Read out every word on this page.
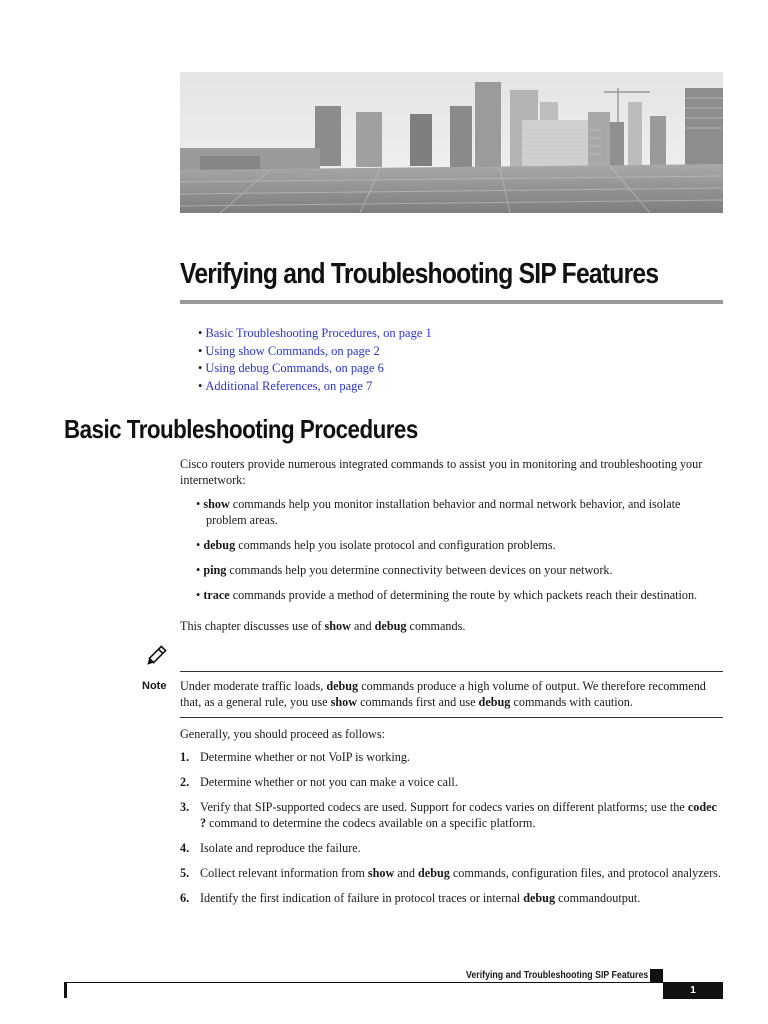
Verifying and Troubleshooting SIP Features
• Basic Troubleshooting Procedures, on page 1
• Using show Commands, on page 2
• Using debug Commands, on page 6
• Additional References, on page 7
Basic Troubleshooting Procedures

Cisco routers provide numerous integrated commands to assist you in monitoring and troubleshooting your internetwork:

• show commands help you monitor installation behavior and normal network behavior, and isolate
problem areas.

• debug commands help you isolate protocol and configuration problems.

• ping commands help you determine connectivity between devices on your network.

• trace commands provide a method of determining the route by which packets reach their destination.

This chapter discusses use of show and debug commands.

Note Under moderate traffic loads, debug commands produce a high volume of output. We therefore recommend that, as a general rule, you use show commands first and use debug commands with caution.

Generally, you should proceed as follows:

1. Determine whether or not VoIP is working.
2. Determine whether or not you can make a voice call.
3. Verify that SIP-supported codecs are used. Support for codecs varies on different platforms; use the codec ? command to determine the codecs available on a specific platform.
4. Isolate and reproduce the failure.
5. Collect relevant information from show and debug commands, configuration files, and protocol analyzers.
6. Identify the first indication of failure in protocol traces or internal debug commandoutput.
Verifying and Troubleshooting SIP Features
1
